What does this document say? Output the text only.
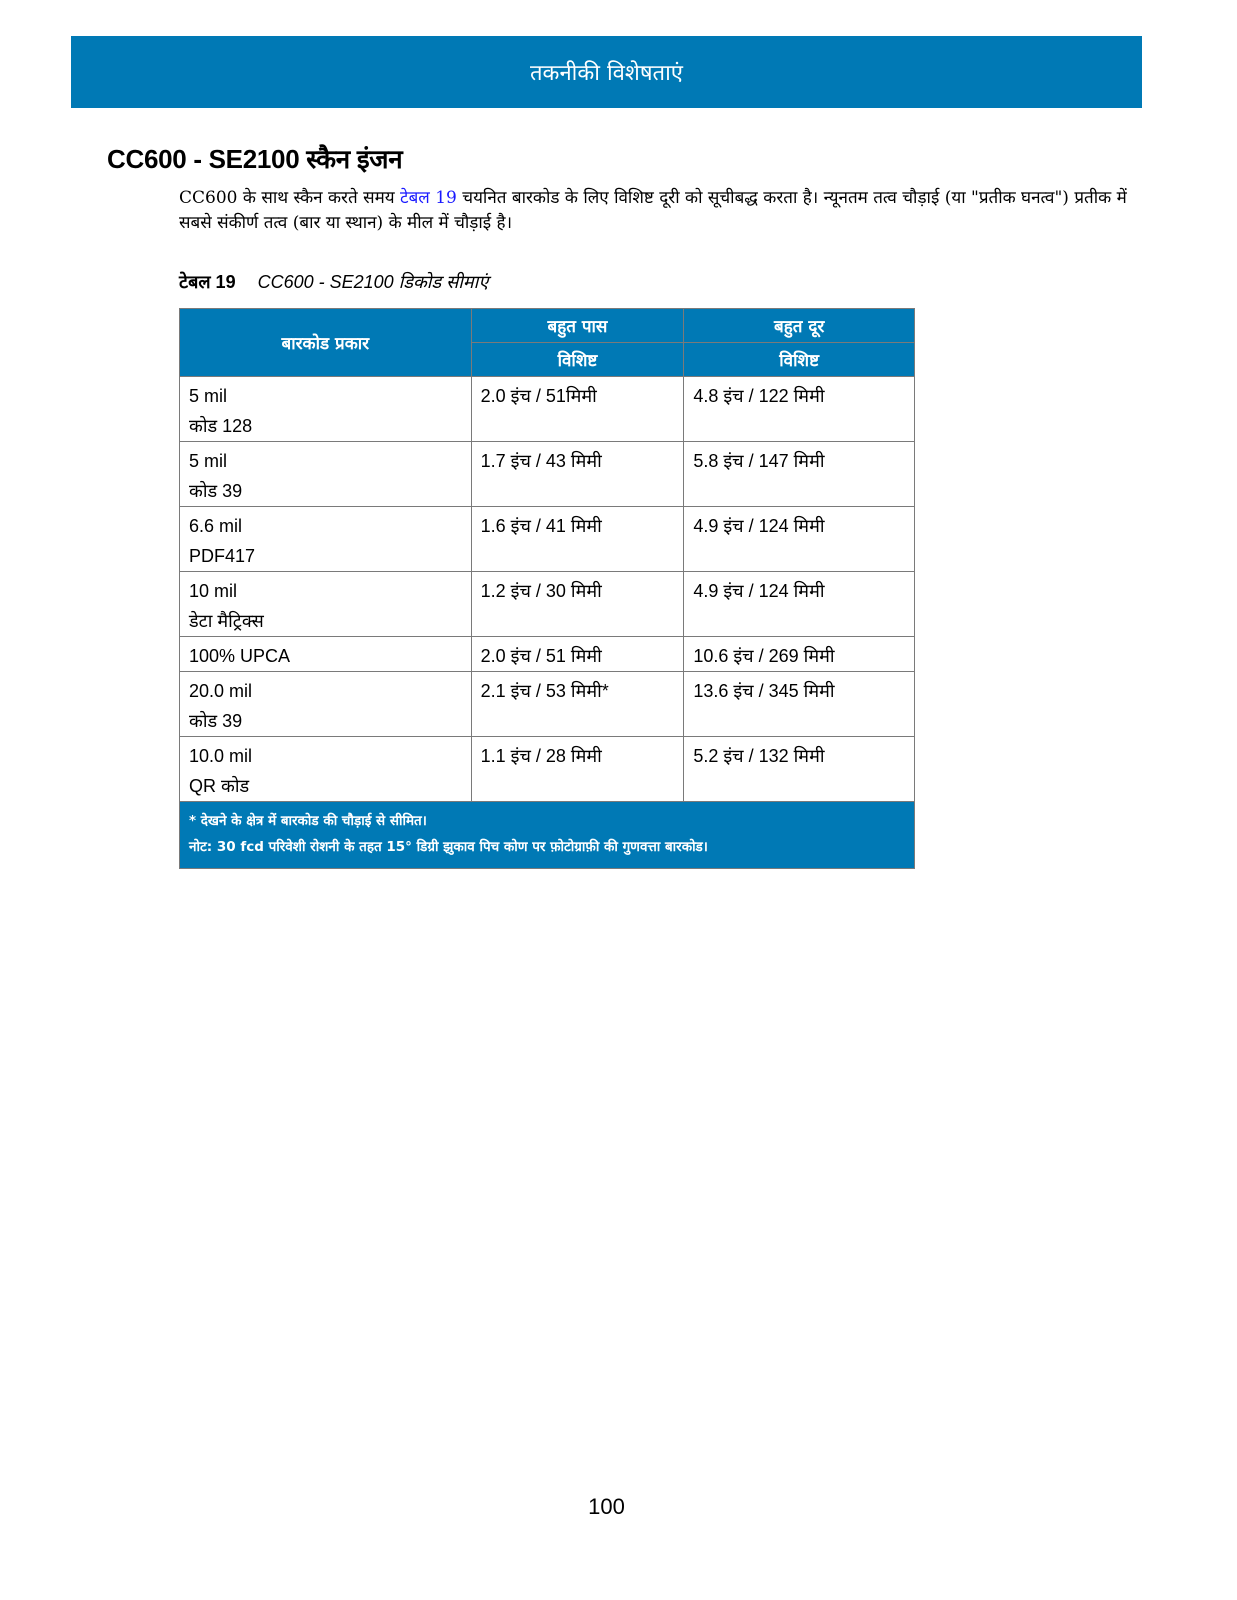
तकनीकी विशेषताएं
CC600 - SE2100 स्कैन इंजन
CC600 के साथ स्कैन करते समय टेबल 19 चयनित बारकोड के लिए विशिष्ट दूरी को सूचीबद्ध करता है। न्यूनतम तत्व चौड़ाई (या "प्रतीक घनत्व") प्रतीक में सबसे संकीर्ण तत्व (बार या स्थान) के मील में चौड़ाई है।
टेबल 19 CC600 - SE2100 डिकोड सीमाएं
बारकोड प्रकार	बहुत पास	बहुत दूर
	विशिष्ट	विशिष्ट

5 mil
कोड 128	2.0 इंच / 51मिमी	4.8 इंच / 122 मिमी

5 mil
कोड 39	1.7 इंच / 43 मिमी	5.8 इंच / 147 मिमी

6.6 mil
PDF417	1.6 इंच / 41 मिमी	4.9 इंच / 124 मिमी

10 mil
डेटा मैट्रिक्स	1.2 इंच / 30 मिमी	4.9 इंच / 124 मिमी

100% UPCA	2.0 इंच / 51 मिमी	10.6 इंच / 269 मिमी

20.0 mil
कोड 39	2.1 इंच / 53 मिमी*	13.6 इंच / 345 मिमी

10.0 mil
QR कोड	1.1 इंच / 28 मिमी	5.2 इंच / 132 मिमी

* देखने के क्षेत्र में बारकोड की चौड़ाई से सीमित।
नोट: 30 fcd परिवेशी रोशनी के तहत 15° डिग्री झुकाव पिच कोण पर फ़ोटोग्राफ़ी की गुणवत्ता बारकोड।		
100
